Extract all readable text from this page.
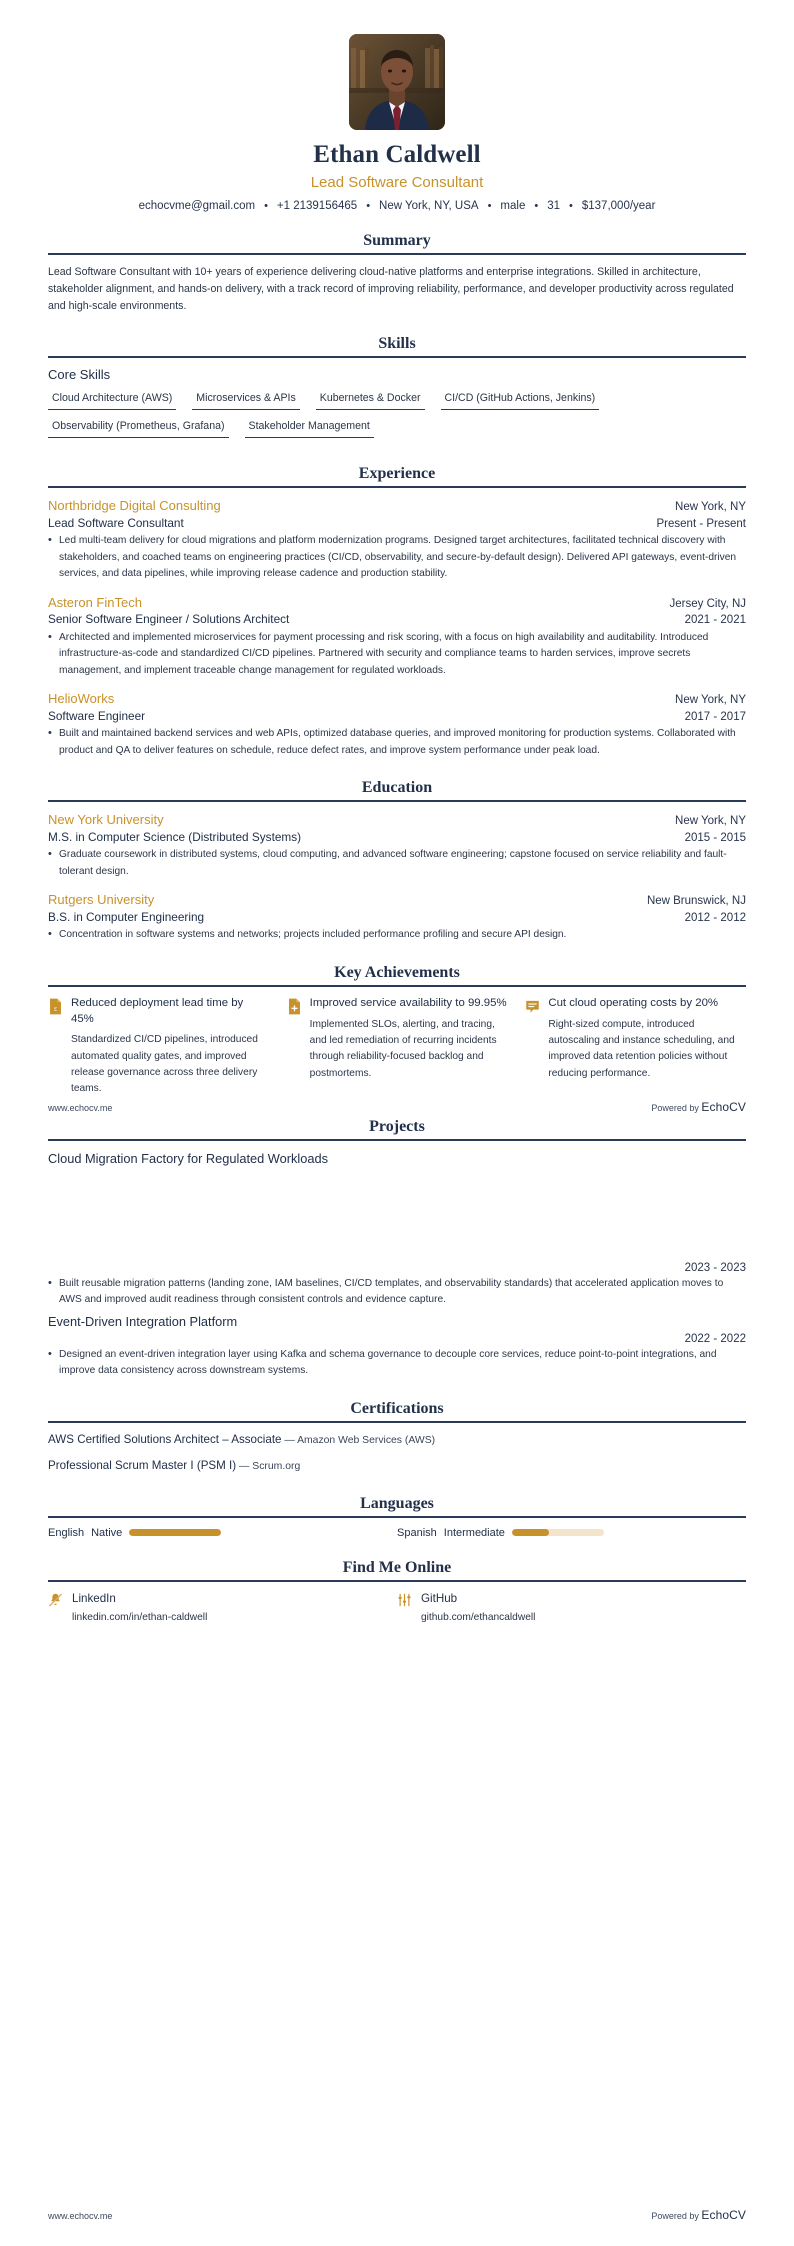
Ethan Caldwell
Lead Software Consultant
echocvme@gmail.com • +1 2139156465 • New York, NY, USA • male • 31 • $137,000/year
Summary
Lead Software Consultant with 10+ years of experience delivering cloud-native platforms and enterprise integrations. Skilled in architecture, stakeholder alignment, and hands-on delivery, with a track record of improving reliability, performance, and developer productivity across regulated and high-scale environments.
Skills
Core Skills
Cloud Architecture (AWS)	Microservices & APIs	Kubernetes & Docker	CI/CD (GitHub Actions, Jenkins)
Observability (Prometheus, Grafana)	Stakeholder Management
Experience
Northbridge Digital Consulting	New York, NY
Lead Software Consultant	Present - Present
• Led multi-team delivery for cloud migrations and platform modernization programs. Designed target architectures, facilitated technical discovery with stakeholders, and coached teams on engineering practices (CI/CD, observability, and secure-by-default design). Delivered API gateways, event-driven services, and data pipelines, while improving release cadence and production stability.
Asteron FinTech	Jersey City, NJ
Senior Software Engineer / Solutions Architect	2021 - 2021
• Architected and implemented microservices for payment processing and risk scoring, with a focus on high availability and auditability. Introduced infrastructure-as-code and standardized CI/CD pipelines. Partnered with security and compliance teams to harden services, improve secrets management, and implement traceable change management for regulated workloads.
HelioWorks	New York, NY
Software Engineer	2017 - 2017
• Built and maintained backend services and web APIs, optimized database queries, and improved monitoring for production systems. Collaborated with product and QA to deliver features on schedule, reduce defect rates, and improve system performance under peak load.
Education
New York University	New York, NY
M.S. in Computer Science (Distributed Systems)	2015 - 2015
• Graduate coursework in distributed systems, cloud computing, and advanced software engineering; capstone focused on service reliability and fault-tolerant design.
Rutgers University	New Brunswick, NJ
B.S. in Computer Engineering	2012 - 2012
• Concentration in software systems and networks; projects included performance profiling and secure API design.
Key Achievements
£
Reduced deployment lead time by 45%
Standardized CI/CD pipelines, introduced automated quality gates, and improved release governance across three delivery teams.
Improved service availability to 99.95%
Implemented SLOs, alerting, and tracing, and led remediation of recurring incidents through reliability-focused backlog and postmortems.
Cut cloud operating costs by 20%
Right-sized compute, introduced autoscaling and instance scheduling, and improved data retention policies without reducing performance.
Projects
Cloud Migration Factory for Regulated Workloads
2023 - 2023
• Built reusable migration patterns (landing zone, IAM baselines, CI/CD templates, and observability standards) that accelerated application moves to AWS and improved audit readiness through consistent controls and evidence capture.
Event-Driven Integration Platform
2022 - 2022
• Designed an event-driven integration layer using Kafka and schema governance to decouple core services, reduce point-to-point integrations, and improve data consistency across downstream systems.
Certifications
AWS Certified Solutions Architect – Associate — Amazon Web Services (AWS)
Professional Scrum Master I (PSM I) — Scrum.org
Languages
English Native	Spanish Intermediate
Find Me Online
LinkedIn
linkedin.com/in/ethan-caldwell
GitHub
github.com/ethancaldwell
www.echocv.me	Powered by EchoCV
www.echocv.me	Powered by EchoCV
